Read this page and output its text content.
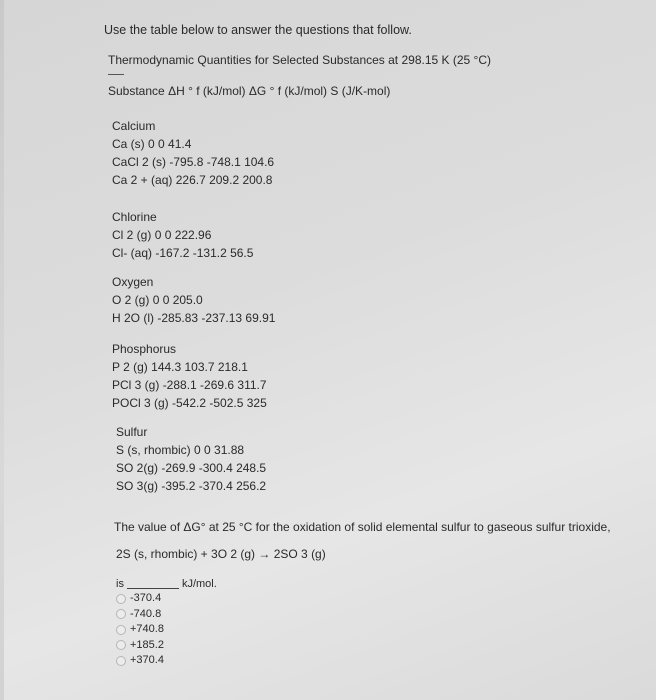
Use the table below to answer the questions that follow.
Thermodynamic Quantities for Selected Substances at 298.15 K (25 °C)
Substance ΔH ° f (kJ/mol) ΔG ° f (kJ/mol) S (J/K-mol)
Calcium
Ca (s) 0 0 41.4
CaCl 2 (s) -795.8 -748.1 104.6
Ca 2 + (aq) 226.7 209.2 200.8
Chlorine
Cl 2 (g) 0 0 222.96
Cl- (aq) -167.2 -131.2 56.5
Oxygen
O 2 (g) 0 0 205.0
H 2O (l) -285.83 -237.13 69.91
Phosphorus
P 2 (g) 144.3 103.7 218.1
PCl 3 (g) -288.1 -269.6 311.7
POCl 3 (g) -542.2 -502.5 325
Sulfur
S (s, rhombic) 0 0 31.88
SO 2(g) -269.9 -300.4 248.5
SO 3(g) -395.2 -370.4 256.2
The value of ΔG° at 25 °C for the oxidation of solid elemental sulfur to gaseous sulfur trioxide,
2S (s, rhombic) + 3O 2 (g) → 2SO 3 (g)
is	kJ/mol.
-370.4
-740.8
+740.8
+185.2
+370.4
